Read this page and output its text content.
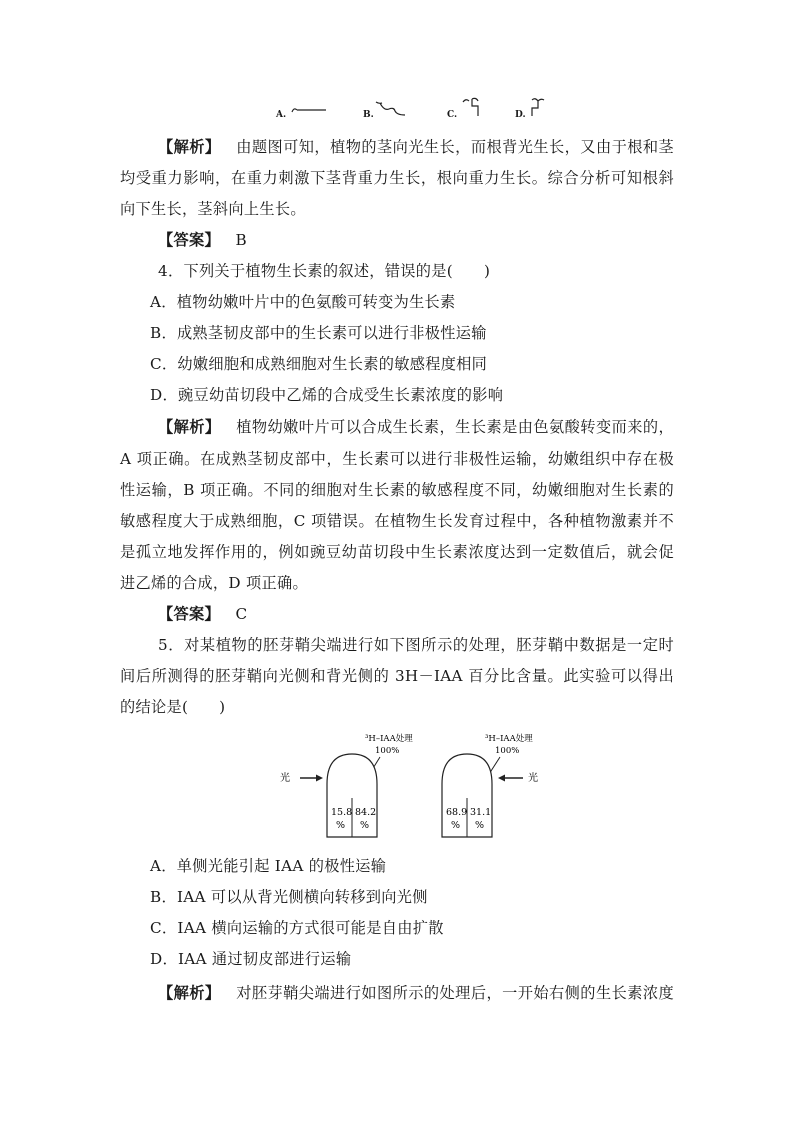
A.	B.	C.	D.
【解析】  由题图可知，植物的茎向光生长，而根背光生长，又由于根和茎
均受重力影响，在重力刺激下茎背重力生长，根向重力生长。综合分析可知根斜
向下生长，茎斜向上生长。
【答案】  B
4．下列关于植物生长素的叙述，错误的是(　　)
A．植物幼嫩叶片中的色氨酸可转变为生长素
B．成熟茎韧皮部中的生长素可以进行非极性运输
C．幼嫩细胞和成熟细胞对生长素的敏感程度相同
D．豌豆幼苗切段中乙烯的合成受生长素浓度的影响
【解析】  植物幼嫩叶片可以合成生长素，生长素是由色氨酸转变而来的，
A 项正确。在成熟茎韧皮部中，生长素可以进行非极性运输，幼嫩组织中存在极
性运输，B 项正确。不同的细胞对生长素的敏感程度不同，幼嫩细胞对生长素的
敏感程度大于成熟细胞，C 项错误。在植物生长发育过程中，各种植物激素并不
是孤立地发挥作用的，例如豌豆幼苗切段中生长素浓度达到一定数值后，就会促
进乙烯的合成，D 项正确。
【答案】  C
5．对某植物的胚芽鞘尖端进行如下图所示的处理，胚芽鞘中数据是一定时
间后所测得的胚芽鞘向光侧和背光侧的 3H－IAA 百分比含量。此实验可以得出
的结论是(　　)
³H–IAA处理
100%
光
15.8
%
84.2
%
³H–IAA处理
100%
光
68.9
%
31.1
%
A．单侧光能引起 IAA 的极性运输
B．IAA 可以从背光侧横向转移到向光侧
C．IAA 横向运输的方式很可能是自由扩散
D．IAA 通过韧皮部进行运输
【解析】  对胚芽鞘尖端进行如图所示的处理后，一开始右侧的生长素浓度
